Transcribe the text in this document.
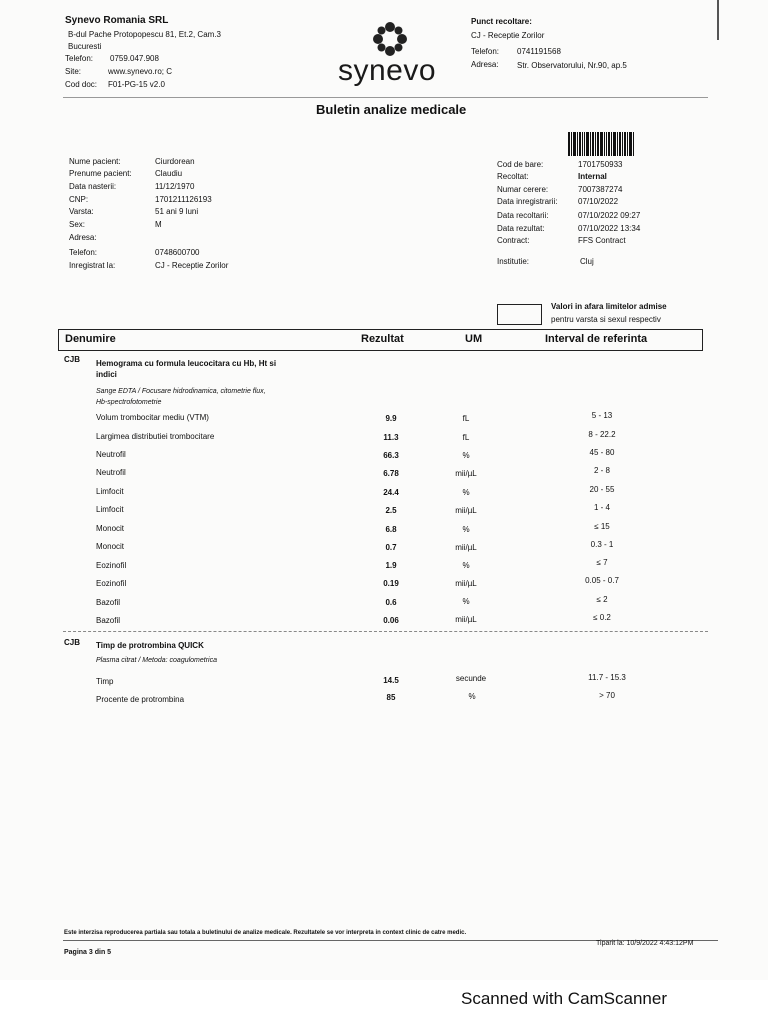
Synevo Romania SRL
B-dul Pache Protopopescu 81, Et.2, Cam.3
Bucuresti
Telefon: 0759.047.908
Site:	www.synevo.ro; C
Cod doc: F01-PG-15 v2.0	synevo
Punct recoltare:
CJ - Receptie Zorilor
Telefon: 0741191568
Adresa: Str. Observatorului, Nr.90, ap.5
Buletin analize medicale
Nume pacient:	Ciurdorean
Prenume pacient:	Claudiu
Data nasterii:	11/12/1970
CNP:	1701211126193
Varsta:	51 ani 9 luni
Sex:	M
Adresa:
Telefon:	0748600700
Inregistrat la:	CJ - Receptie Zorilor
Cod de bare:	1701750933
Recoltat:	Internal
Numar cerere:	7007387274
Data inregistrarii:	07/10/2022
Data recoltarii:	07/10/2022 09:27
Data rezultat:	07/10/2022 13:34
Contract:	FFS Contract
Institutie:	Cluj
Valori in afara limitelor admise
pentru varsta si sexul respectiv
Denumire	Rezultat	UM	Interval de referinta
CJB Hemograma cu formula leucocitara cu Hb, Ht si
indici
Sange EDTA / Focusare hidrodinamica, citometrie flux,
Hb-spectrofotometrie
Volum trombocitar mediu (VTM)	9.9	fL	5 - 13
Largimea distributiei trombocitare	11.3	fL	8 - 22.2
Neutrofil	66.3	%	45 - 80
Neutrofil	6.78	mii/µL	2 - 8
Limfocit	24.4	%	20 - 55
Limfocit	2.5	mii/µL	1 - 4
Monocit	6.8	%	≤ 15
Monocit	0.7	mii/µL	0.3 - 1
Eozinofil	1.9	%	≤ 7
Eozinofil	0.19	mii/µL	0.05 - 0.7
Bazofil	0.6	%	≤ 2
Bazofil	0.06	mii/µL	≤ 0.2
CJB Timp de protrombina QUICK
Plasma citrat / Metoda: coagulometrica
Timp	14.5	secunde	11.7 - 15.3
Procente de protrombina	85	%	> 70
Este interzisa reproducerea partiala sau totala a buletinului de analize medicale. Rezultatele se vor interpreta in context clinic de catre medic.
Tiparit la: 10/9/2022 4:43:12PM
Pagina 3 din 5
Scanned with CamScanner
